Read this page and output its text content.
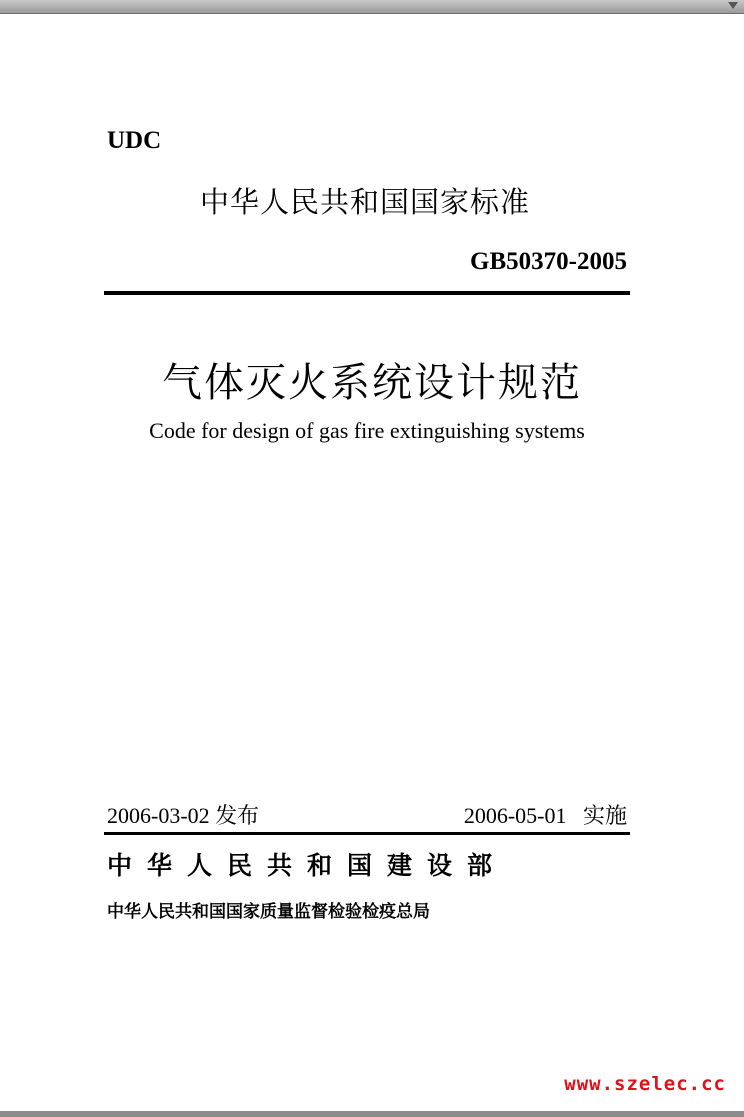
UDC
中华人民共和国国家标准
GB50370-2005
气体灭火系统设计规范
Code for design of gas fire extinguishing systems
2006-03-02 发布	2006-05-01   实施
中华人民共和国建设部
中华人民共和国国家质量监督检验检疫总局
www.szelec.cc
